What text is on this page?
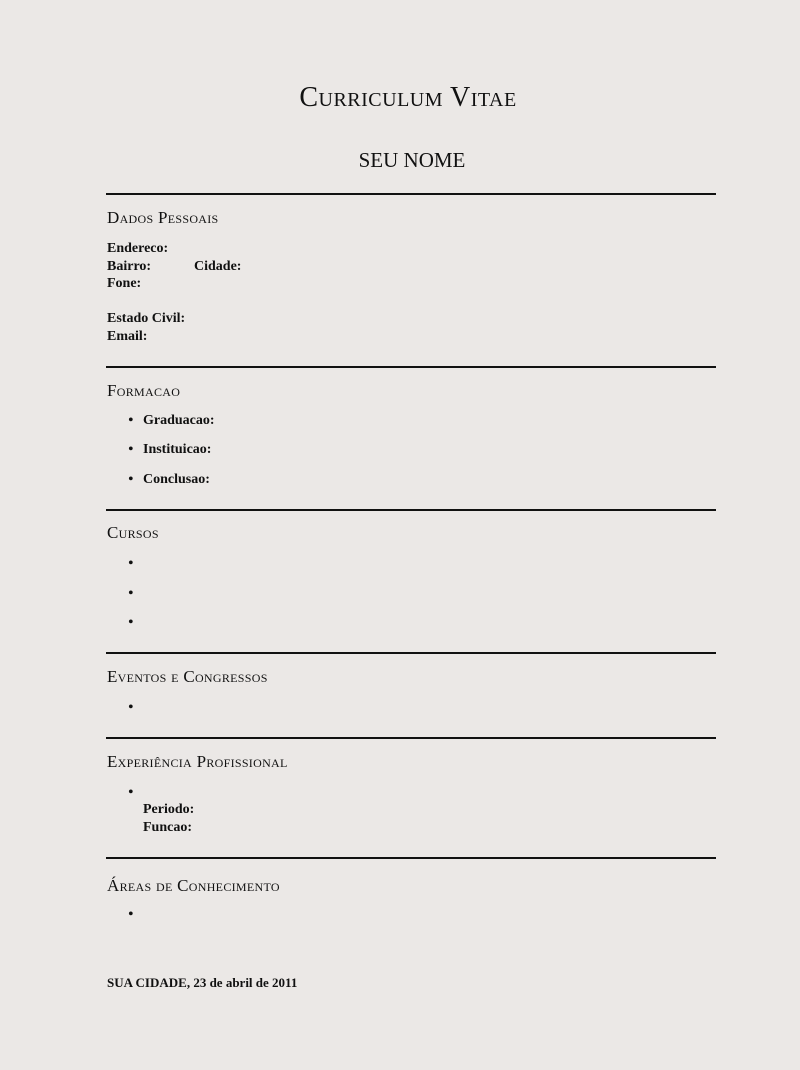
Curriculum Vitae
SEU NOME
Dados Pessoais
Endereco:
Bairro:	Cidade:
Fone:
Estado Civil:
Email:
Formacao
• Graduacao:
• Instituicao:
• Conclusao:
Cursos
•
•
•
Eventos e Congressos
•
Experiência Profissional
•
Periodo:
Funcao:
Áreas de Conhecimento
•
SUA CIDADE, 23 de abril de 2011
